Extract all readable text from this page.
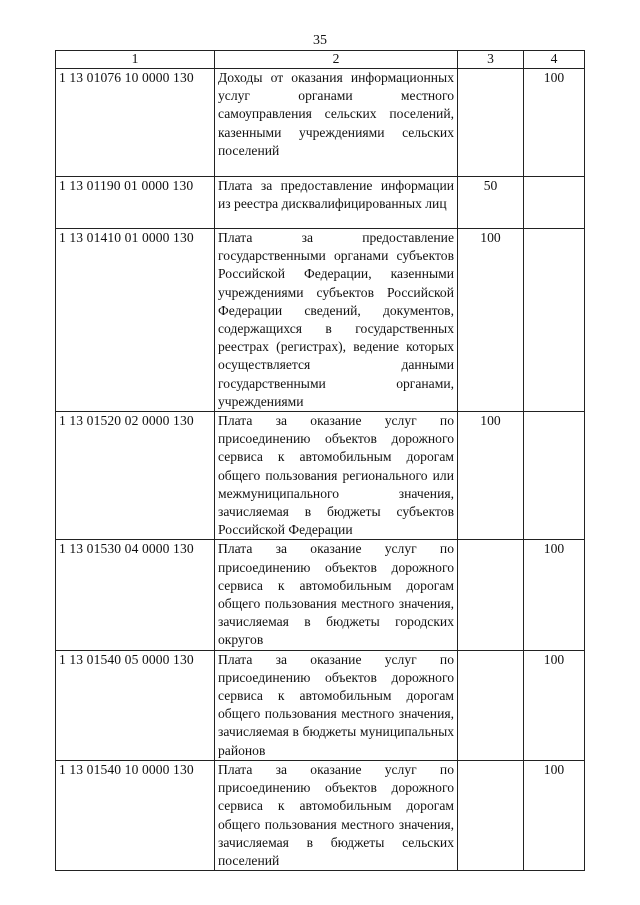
35
1	2	3	4
1 13 01076 10 0000 130	Доходы от оказания информационных услуг органами местного самоуправления сельских поселений, казенными учреждениями сельских поселений		100
1 13 01190 01 0000 130	Плата за предоставление информации из реестра дисквалифицированных лиц	50	
1 13 01410 01 0000 130	Плата за предоставление государственными органами субъектов Российской Федерации, казенными учреждениями субъектов Российской Федерации сведений, документов, содержащихся в государственных реестрах (регистрах), ведение которых осуществляется данными государственными органами, учреждениями	100	
1 13 01520 02 0000 130	Плата за оказание услуг по присоединению объектов дорожного сервиса к автомобильным дорогам общего пользования регионального или межмуниципального значения, зачисляемая в бюджеты субъектов Российской Федерации	100	
1 13 01530 04 0000 130	Плата за оказание услуг по присоединению объектов дорожного сервиса к автомобильным дорогам общего пользования местного значения, зачисляемая в бюджеты городских округов		100
1 13 01540 05 0000 130	Плата за оказание услуг по присоединению объектов дорожного сервиса к автомобильным дорогам общего пользования местного значения, зачисляемая в бюджеты муниципальных районов		100
1 13 01540 10 0000 130	Плата за оказание услуг по присоединению объектов дорожного сервиса к автомобильным дорогам общего пользования местного значения, зачисляемая в бюджеты сельских поселений		100
